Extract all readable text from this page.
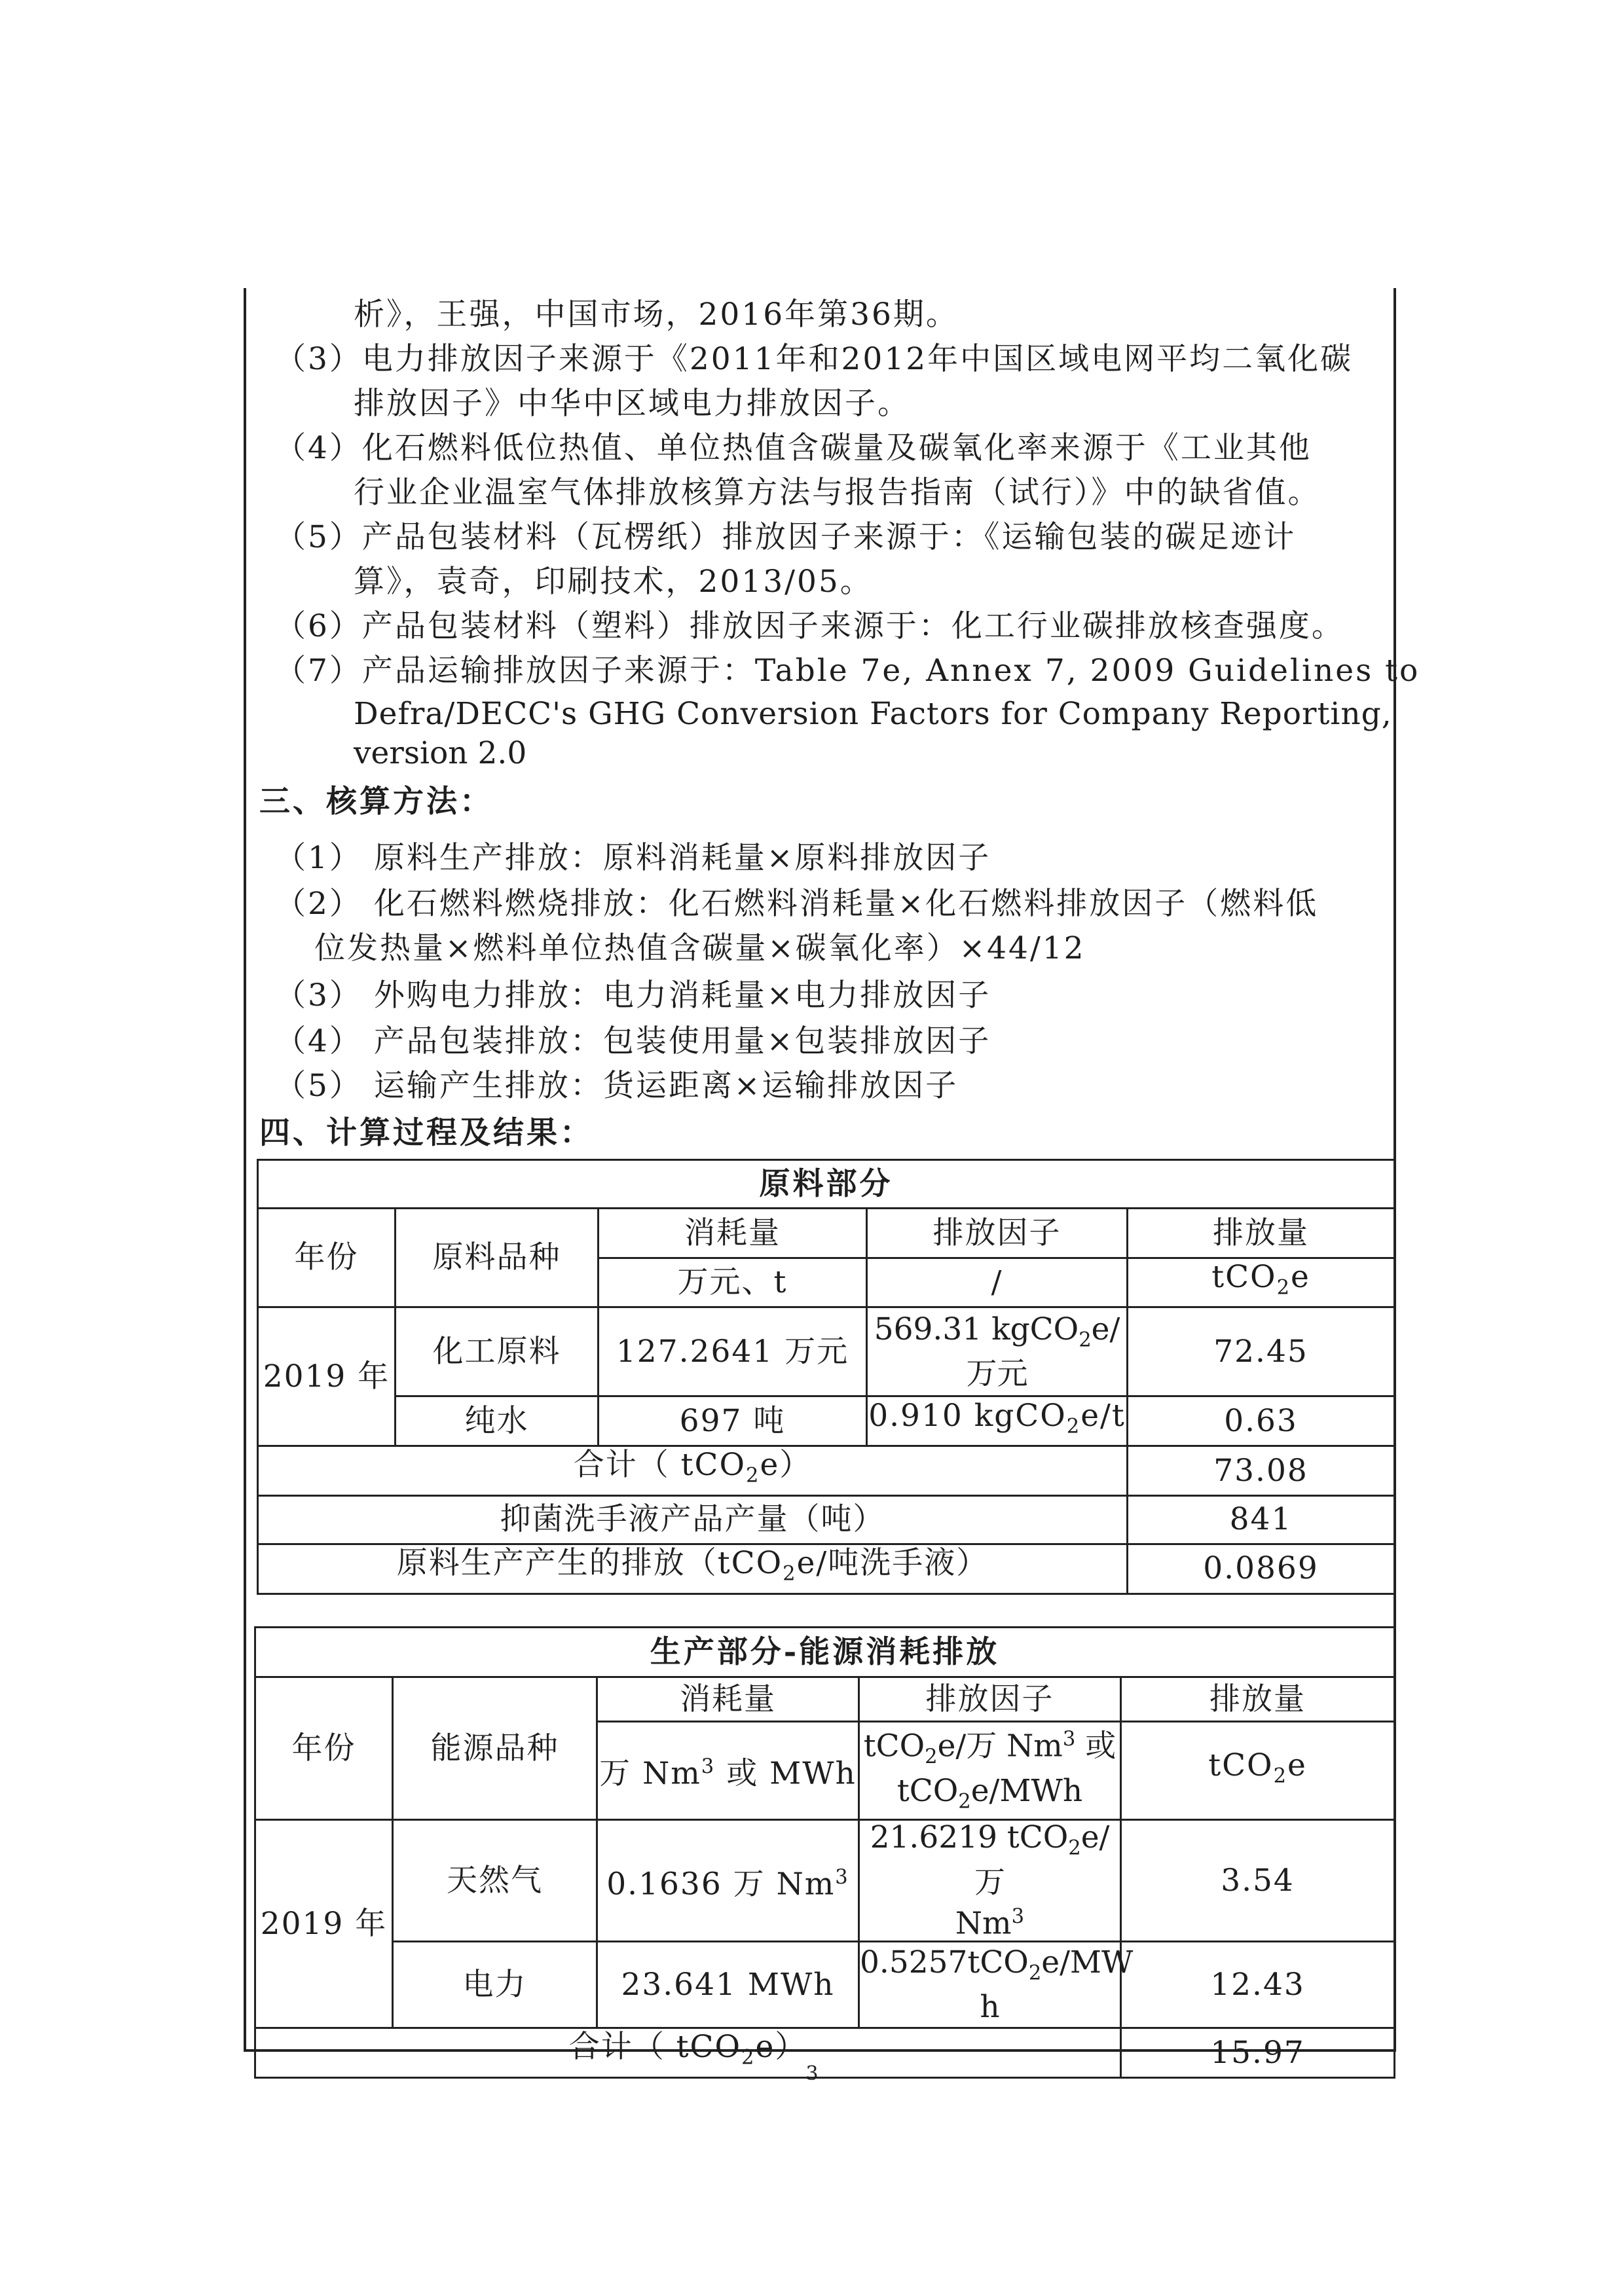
析》，王强，中国市场，2016年第36期。
（3）电力排放因子来源于《2011年和2012年中国区域电网平均二氧化碳
排放因子》中华中区域电力排放因子。
（4）化石燃料低位热值、单位热值含碳量及碳氧化率来源于《工业其他
行业企业温室气体排放核算方法与报告指南（试行）》中的缺省值。
（5）产品包装材料（瓦楞纸）排放因子来源于：《运输包装的碳足迹计
算》，袁奇，印刷技术，2013/05。
（6）产品包装材料（塑料）排放因子来源于：化工行业碳排放核查强度。
（7）产品运输排放因子来源于：Table 7e, Annex 7, 2009 Guidelines to
Defra/DECC's GHG Conversion Factors for Company Reporting,
version 2.0
三、核算方法：
（1） 原料生产排放：原料消耗量×原料排放因子
（2） 化石燃料燃烧排放：化石燃料消耗量×化石燃料排放因子（燃料低
位发热量×燃料单位热值含碳量×碳氧化率）×44/12
（3） 外购电力排放：电力消耗量×电力排放因子
（4） 产品包装排放：包装使用量×包装排放因子
（5） 运输产生排放：货运距离×运输排放因子
四、计算过程及结果：
原料部分				
年份	原料品种	消耗量	排放因子	排放量
		万元、t	/	tCO$_2$e
2019 年	化工原料	127.2641 万元	569.31 kgCO$_2$e/
万元	72.45
	纯水	697 吨	0.910 kgCO$_2$e/t	0.63
合计（ tCO$_2$e）				73.08
抑菌洗手液产品产量（吨）				841
原料生产产生的排放（tCO$_2$e/吨洗手液）				0.0869
生产部分-能源消耗排放				
年份	能源品种	消耗量	排放因子	排放量
		万 Nm$^3$ 或 MWh	tCO$_2$e/万 Nm$^3$ 或
tCO$_2$e/MWh	tCO$_2$e
2019 年	天然气	0.1636 万 Nm$^3$	21.6219 tCO$_2$e/万
Nm$^3$	3.54
	电力	23.641 MWh	0.5257tCO$_2$e/MW
h	12.43
合计（ tCO$_2$e）				15.97
3
